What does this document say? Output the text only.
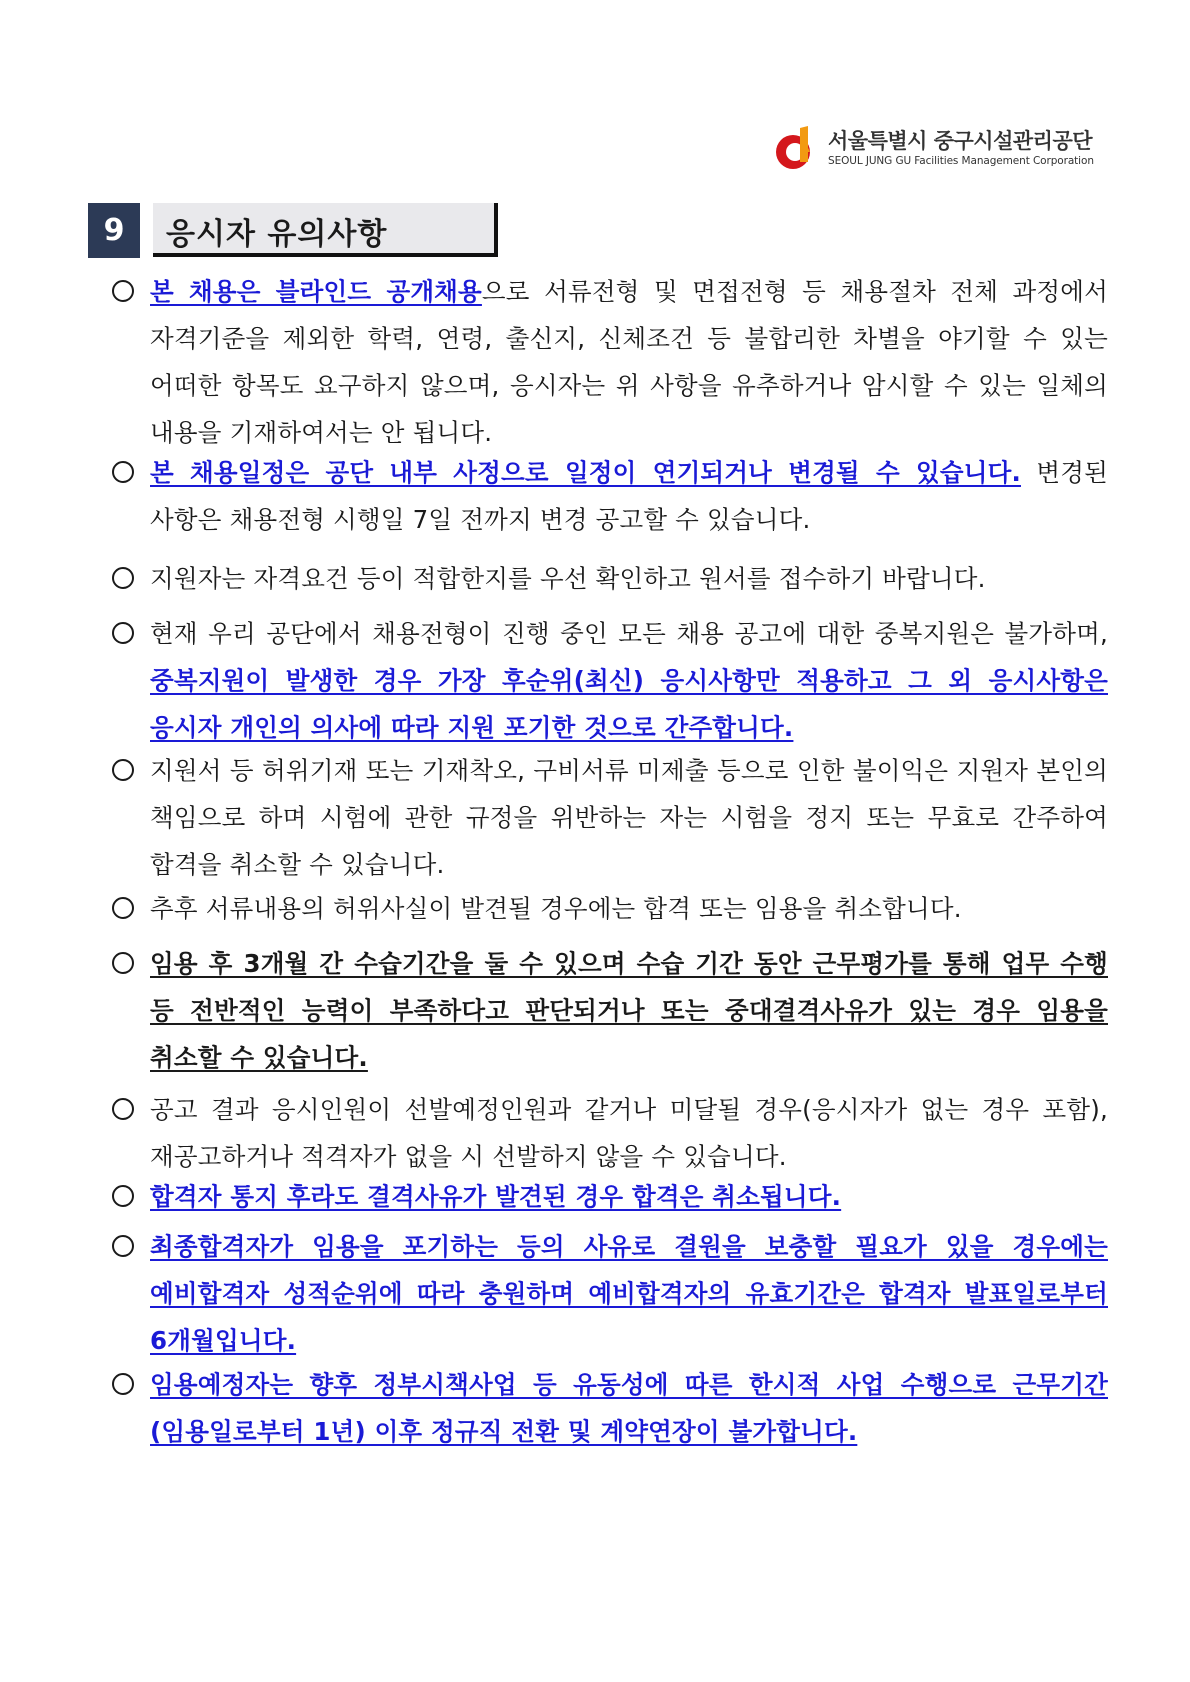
서울특별시 중구시설관리공단
SEOUL JUNG GU Facilities Management Corporation
9	응시자 유의사항
본 채용은 블라인드 공개채용으로 서류전형 및 면접전형 등 채용절차 전체 과정에서 자격기준을 제외한 학력, 연령, 출신지, 신체조건 등 불합리한 차별을 야기할 수 있는 어떠한 항목도 요구하지 않으며, 응시자는 위 사항을 유추하거나 암시할 수 있는 일체의 내용을 기재하여서는 안 됩니다.
본 채용일정은 공단 내부 사정으로 일정이 연기되거나 변경될 수 있습니다. 변경된 사항은 채용전형 시행일 7일 전까지 변경 공고할 수 있습니다.
지원자는 자격요건 등이 적합한지를 우선 확인하고 원서를 접수하기 바랍니다.
현재 우리 공단에서 채용전형이 진행 중인 모든 채용 공고에 대한 중복지원은 불가하며, 중복지원이 발생한 경우 가장 후순위(최신) 응시사항만 적용하고 그 외 응시사항은 응시자 개인의 의사에 따라 지원 포기한 것으로 간주합니다.
지원서 등 허위기재 또는 기재착오, 구비서류 미제출 등으로 인한 불이익은 지원자 본인의 책임으로 하며 시험에 관한 규정을 위반하는 자는 시험을 정지 또는 무효로 간주하여 합격을 취소할 수 있습니다.
추후 서류내용의 허위사실이 발견될 경우에는 합격 또는 임용을 취소합니다.
임용 후 3개월 간 수습기간을 둘 수 있으며 수습 기간 동안 근무평가를 통해 업무 수행 등 전반적인 능력이 부족하다고 판단되거나 또는 중대결격사유가 있는 경우 임용을 취소할 수 있습니다.
공고 결과 응시인원이 선발예정인원과 같거나 미달될 경우(응시자가 없는 경우 포함), 재공고하거나 적격자가 없을 시 선발하지 않을 수 있습니다.
합격자 통지 후라도 결격사유가 발견된 경우 합격은 취소됩니다.
최종합격자가 임용을 포기하는 등의 사유로 결원을 보충할 필요가 있을 경우에는 예비합격자 성적순위에 따라 충원하며 예비합격자의 유효기간은 합격자 발표일로부터 6개월입니다.
임용예정자는 향후 정부시책사업 등 유동성에 따른 한시적 사업 수행으로 근무기간(임용일로부터 1년) 이후 정규직 전환 및 계약연장이 불가합니다.
